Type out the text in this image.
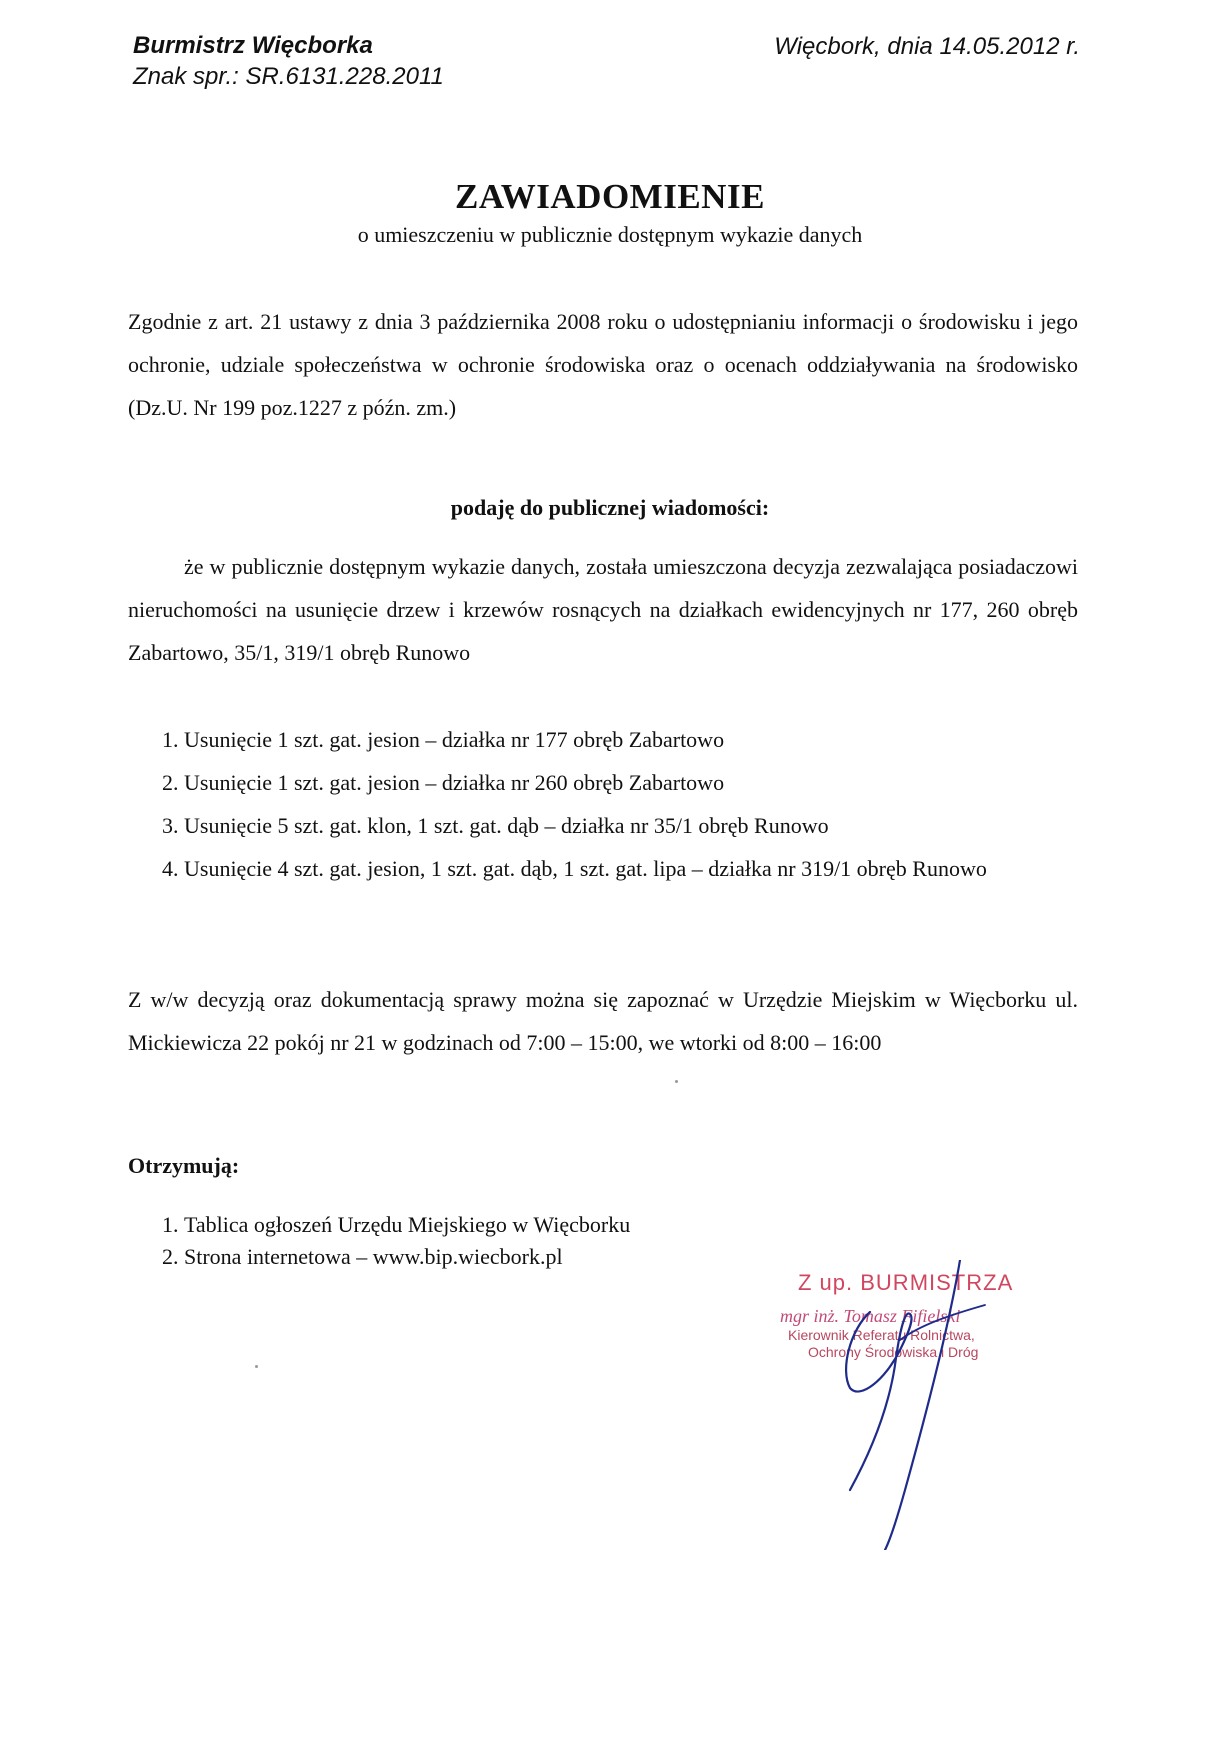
Burmistrz Więcborka
Znak spr.: SR.6131.228.2011
Więcbork, dnia 14.05.2012 r.
ZAWIADOMIENIE
o umieszczeniu w publicznie dostępnym wykazie danych
Zgodnie z art. 21 ustawy z dnia 3 października 2008 roku o udostępnianiu informacji o środowisku i jego ochronie, udziale społeczeństwa w ochronie środowiska oraz o ocenach oddziaływania na środowisko (Dz.U. Nr 199 poz.1227 z późn. zm.)
podaję do publicznej wiadomości:
że w publicznie dostępnym wykazie danych, została umieszczona decyzja zezwalająca posiadaczowi nieruchomości na usunięcie drzew i krzewów rosnących na działkach ewidencyjnych nr 177, 260 obręb Zabartowo, 35/1, 319/1 obręb Runowo
1. Usunięcie 1 szt. gat. jesion – działka nr 177 obręb Zabartowo
2. Usunięcie 1 szt. gat. jesion – działka nr 260 obręb Zabartowo
3. Usunięcie 5 szt. gat. klon, 1 szt. gat. dąb – działka nr 35/1 obręb Runowo
4. Usunięcie 4 szt. gat. jesion, 1 szt. gat. dąb, 1 szt. gat. lipa – działka nr 319/1 obręb Runowo
Z w/w decyzją oraz dokumentacją sprawy można się zapoznać w Urzędzie Miejskim w Więcborku ul. Mickiewicza 22 pokój nr 21 w godzinach od 7:00 – 15:00, we wtorki od 8:00 – 16:00
Otrzymują:
1. Tablica ogłoszeń Urzędu Miejskiego w Więcborku
2. Strona internetowa – www.bip.wiecbork.pl
Z up. BURMISTRZA
mgr inż. Tomasz Fifielski
Kierownik Referatu Rolnictwa,
Ochrony Środowiska i Dróg
